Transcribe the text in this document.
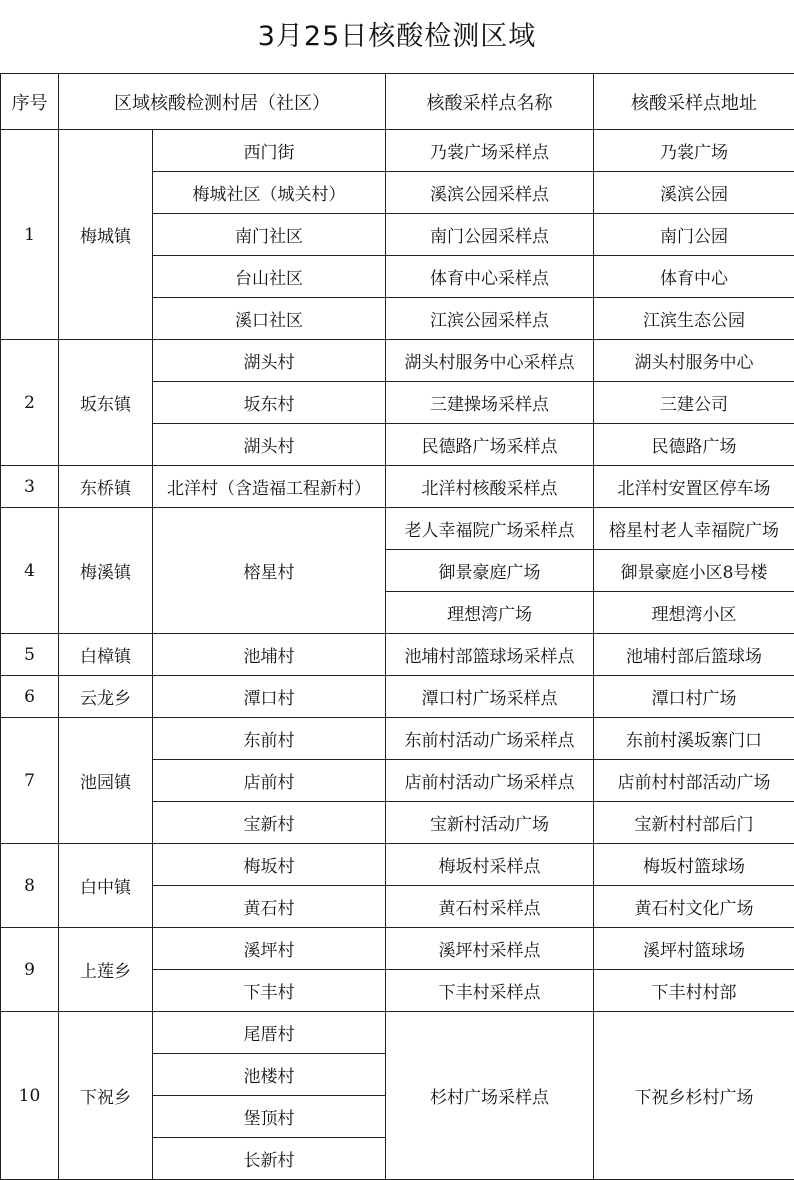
3月25日核酸检测区域
序号	区域核酸检测村居（社区）		核酸采样点名称	核酸采样点地址
1	梅城镇	西门街	乃裳广场采样点	乃裳广场
		梅城社区（城关村）	溪滨公园采样点	溪滨公园
		南门社区	南门公园采样点	南门公园
		台山社区	体育中心采样点	体育中心
		溪口社区	江滨公园采样点	江滨生态公园
2	坂东镇	湖头村	湖头村服务中心采样点	湖头村服务中心
		坂东村	三建操场采样点	三建公司
		湖头村	民德路广场采样点	民德路广场
3	东桥镇	北洋村（含造福工程新村）	北洋村核酸采样点	北洋村安置区停车场
4	梅溪镇	榕星村	老人幸福院广场采样点	榕星村老人幸福院广场
			御景豪庭广场	御景豪庭小区8号楼
			理想湾广场	理想湾小区
5	白樟镇	池埔村	池埔村部篮球场采样点	池埔村部后篮球场
6	云龙乡	潭口村	潭口村广场采样点	潭口村广场
7	池园镇	东前村	东前村活动广场采样点	东前村溪坂寨门口
		店前村	店前村活动广场采样点	店前村村部活动广场
		宝新村	宝新村活动广场	宝新村村部后门
8	白中镇	梅坂村	梅坂村采样点	梅坂村篮球场
		黄石村	黄石村采样点	黄石村文化广场
9	上莲乡	溪坪村	溪坪村采样点	溪坪村篮球场
		下丰村	下丰村采样点	下丰村村部
10	下祝乡	尾厝村	杉村广场采样点	下祝乡杉村广场
		池楼村		
		堡顶村		
		长新村		
